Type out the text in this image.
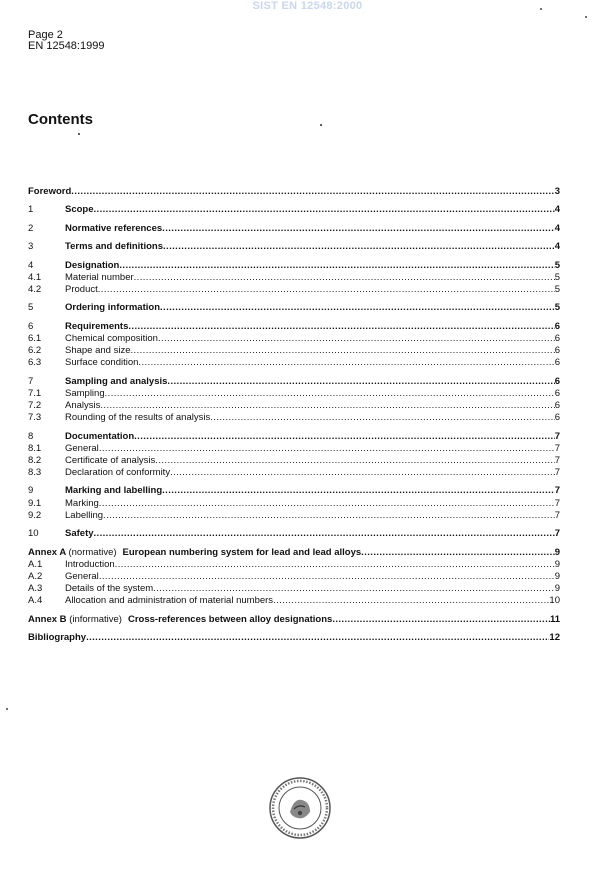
SIST EN 12548:2000
Page 2
EN 12548:1999
Contents
Foreword .....	3
1	Scope .....	4
2	Normative references .....	4
3	Terms and definitions .....	4
4	Designation .....	5
4.1	Material number .....	5
4.2	Product .....	5
5	Ordering information .....	5
6	Requirements .....	6
6.1	Chemical composition .....	6
6.2	Shape and size .....	6
6.3	Surface condition .....	6
7	Sampling and analysis .....	6
7.1	Sampling .....	6
7.2	Analysis .....	6
7.3	Rounding of the results of analysis .....	6
8	Documentation .....	7
8.1	General .....	7
8.2	Certificate of analysis .....	7
8.3	Declaration of conformity .....	7
9	Marking and labelling .....	7
9.1	Marking .....	7
9.2	Labelling .....	7
10	Safety .....	7
Annex A (normative) European numbering system for lead and lead alloys .....	9
A.1	Introduction .....	9
A.2	General .....	9
A.3	Details of the system .....	9
A.4	Allocation and administration of material numbers .....	10
Annex B (informative) Cross-references between alloy designations .....	11
Bibliography .....	12
